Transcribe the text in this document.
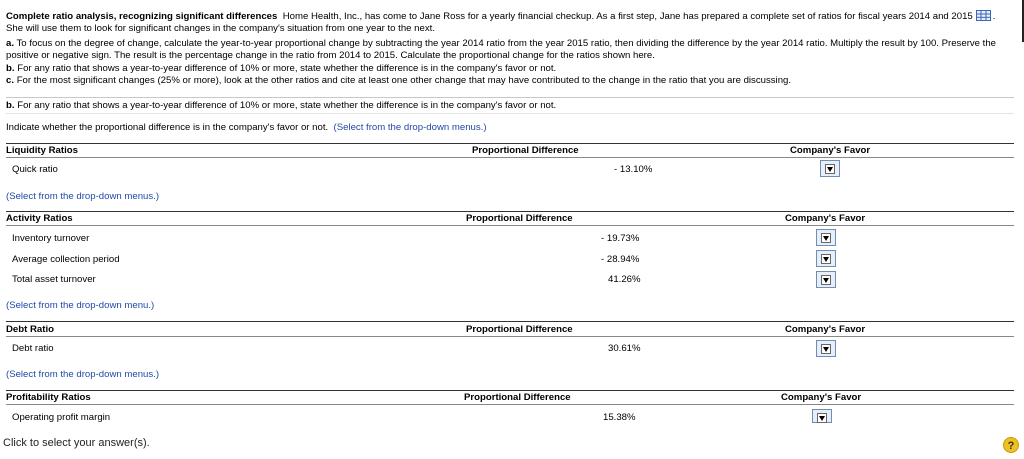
Complete ratio analysis, recognizing significant differences Home Health, Inc., has come to Jane Ross for a yearly financial checkup. As a first step, Jane has prepared a complete set of ratios for fiscal years 2014 and 2015 . She will use them to look for significant changes in the company's situation from one year to the next.
a. To focus on the degree of change, calculate the year-to-year proportional change by subtracting the year 2014 ratio from the year 2015 ratio, then dividing the difference by the year 2014 ratio. Multiply the result by 100. Preserve the positive or negative sign. The result is the percentage change in the ratio from 2014 to 2015. Calculate the proportional change for the ratios shown here.
b. For any ratio that shows a year-to-year difference of 10% or more, state whether the difference is in the company's favor or not.
c. For the most significant changes (25% or more), look at the other ratios and cite at least one other change that may have contributed to the change in the ratio that you are discussing.
b. For any ratio that shows a year-to-year difference of 10% or more, state whether the difference is in the company's favor or not.
Indicate whether the proportional difference is in the company's favor or not. (Select from the drop-down menus.)
Liquidity Ratios	Proportional Difference	Company's Favor
Quick ratio	- 13.10%
(Select from the drop-down menus.)
Activity Ratios	Proportional Difference	Company's Favor
Inventory turnover	- 19.73%
Average collection period	- 28.94%
Total asset turnover	41.26%
(Select from the drop-down menu.)
Debt Ratio	Proportional Difference	Company's Favor
Debt ratio	30.61%
(Select from the drop-down menus.)
Profitability Ratios	Proportional Difference	Company's Favor
Operating profit margin	15.38%
Click to select your answer(s).	?
